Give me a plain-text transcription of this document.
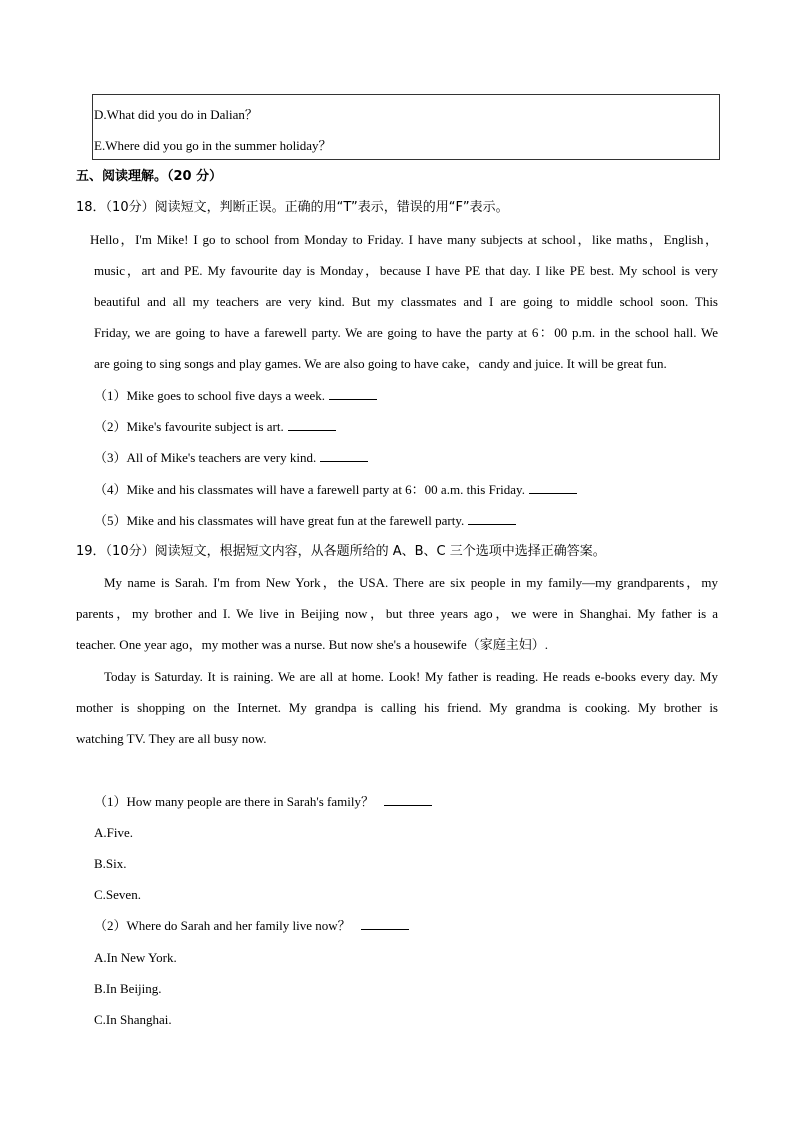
D.What did you do in Dalian？
E.Where did you go in the summer holiday？
五、阅读理解。（20 分）
18．（10分）阅读短文，判断正误。正确的用“T”表示，错误的用“F”表示。
Hello，I'm Mike! I go to school from Monday to Friday. I have many subjects at school，like maths，English，
music，art and PE. My favourite day is Monday，because I have PE that day. I like PE best. My school is very
beautiful and all my teachers are very kind. But my classmates and I are going to middle school soon. This
Friday, we are going to have a farewell party. We are going to have the party at 6：00 p.m. in the school hall. We
are going to sing songs and play games. We are also going to have cake，candy and juice. It will be great fun.
（1）Mike goes to school five days a week.
（2）Mike's favourite subject is art.
（3）All of Mike's teachers are very kind.
（4）Mike and his classmates will have a farewell party at 6：00 a.m. this Friday.
（5）Mike and his classmates will have great fun at the farewell party.
19．（10分）阅读短文，根据短文内容，从各题所给的 A、B、C 三个选项中选择正确答案。
My name is Sarah. I'm from New York，the USA. There are six people in my family—my grandparents，my
parents，my brother and I. We live in Beijing now，but three years ago，we were in Shanghai. My father is a
teacher. One year ago，my mother was a nurse. But now she's a housewife（家庭主妇）.
Today is Saturday. It is raining. We are all at home. Look! My father is reading. He reads e-books every day. My
mother is shopping on the Internet. My grandpa is calling his friend. My grandma is cooking. My brother is
watching TV. They are all busy now.
（1）How many people are there in Sarah's family？
A.Five.
B.Six.
C.Seven.
（2）Where do Sarah and her family live now？
A.In New York.
B.In Beijing.
C.In Shanghai.
